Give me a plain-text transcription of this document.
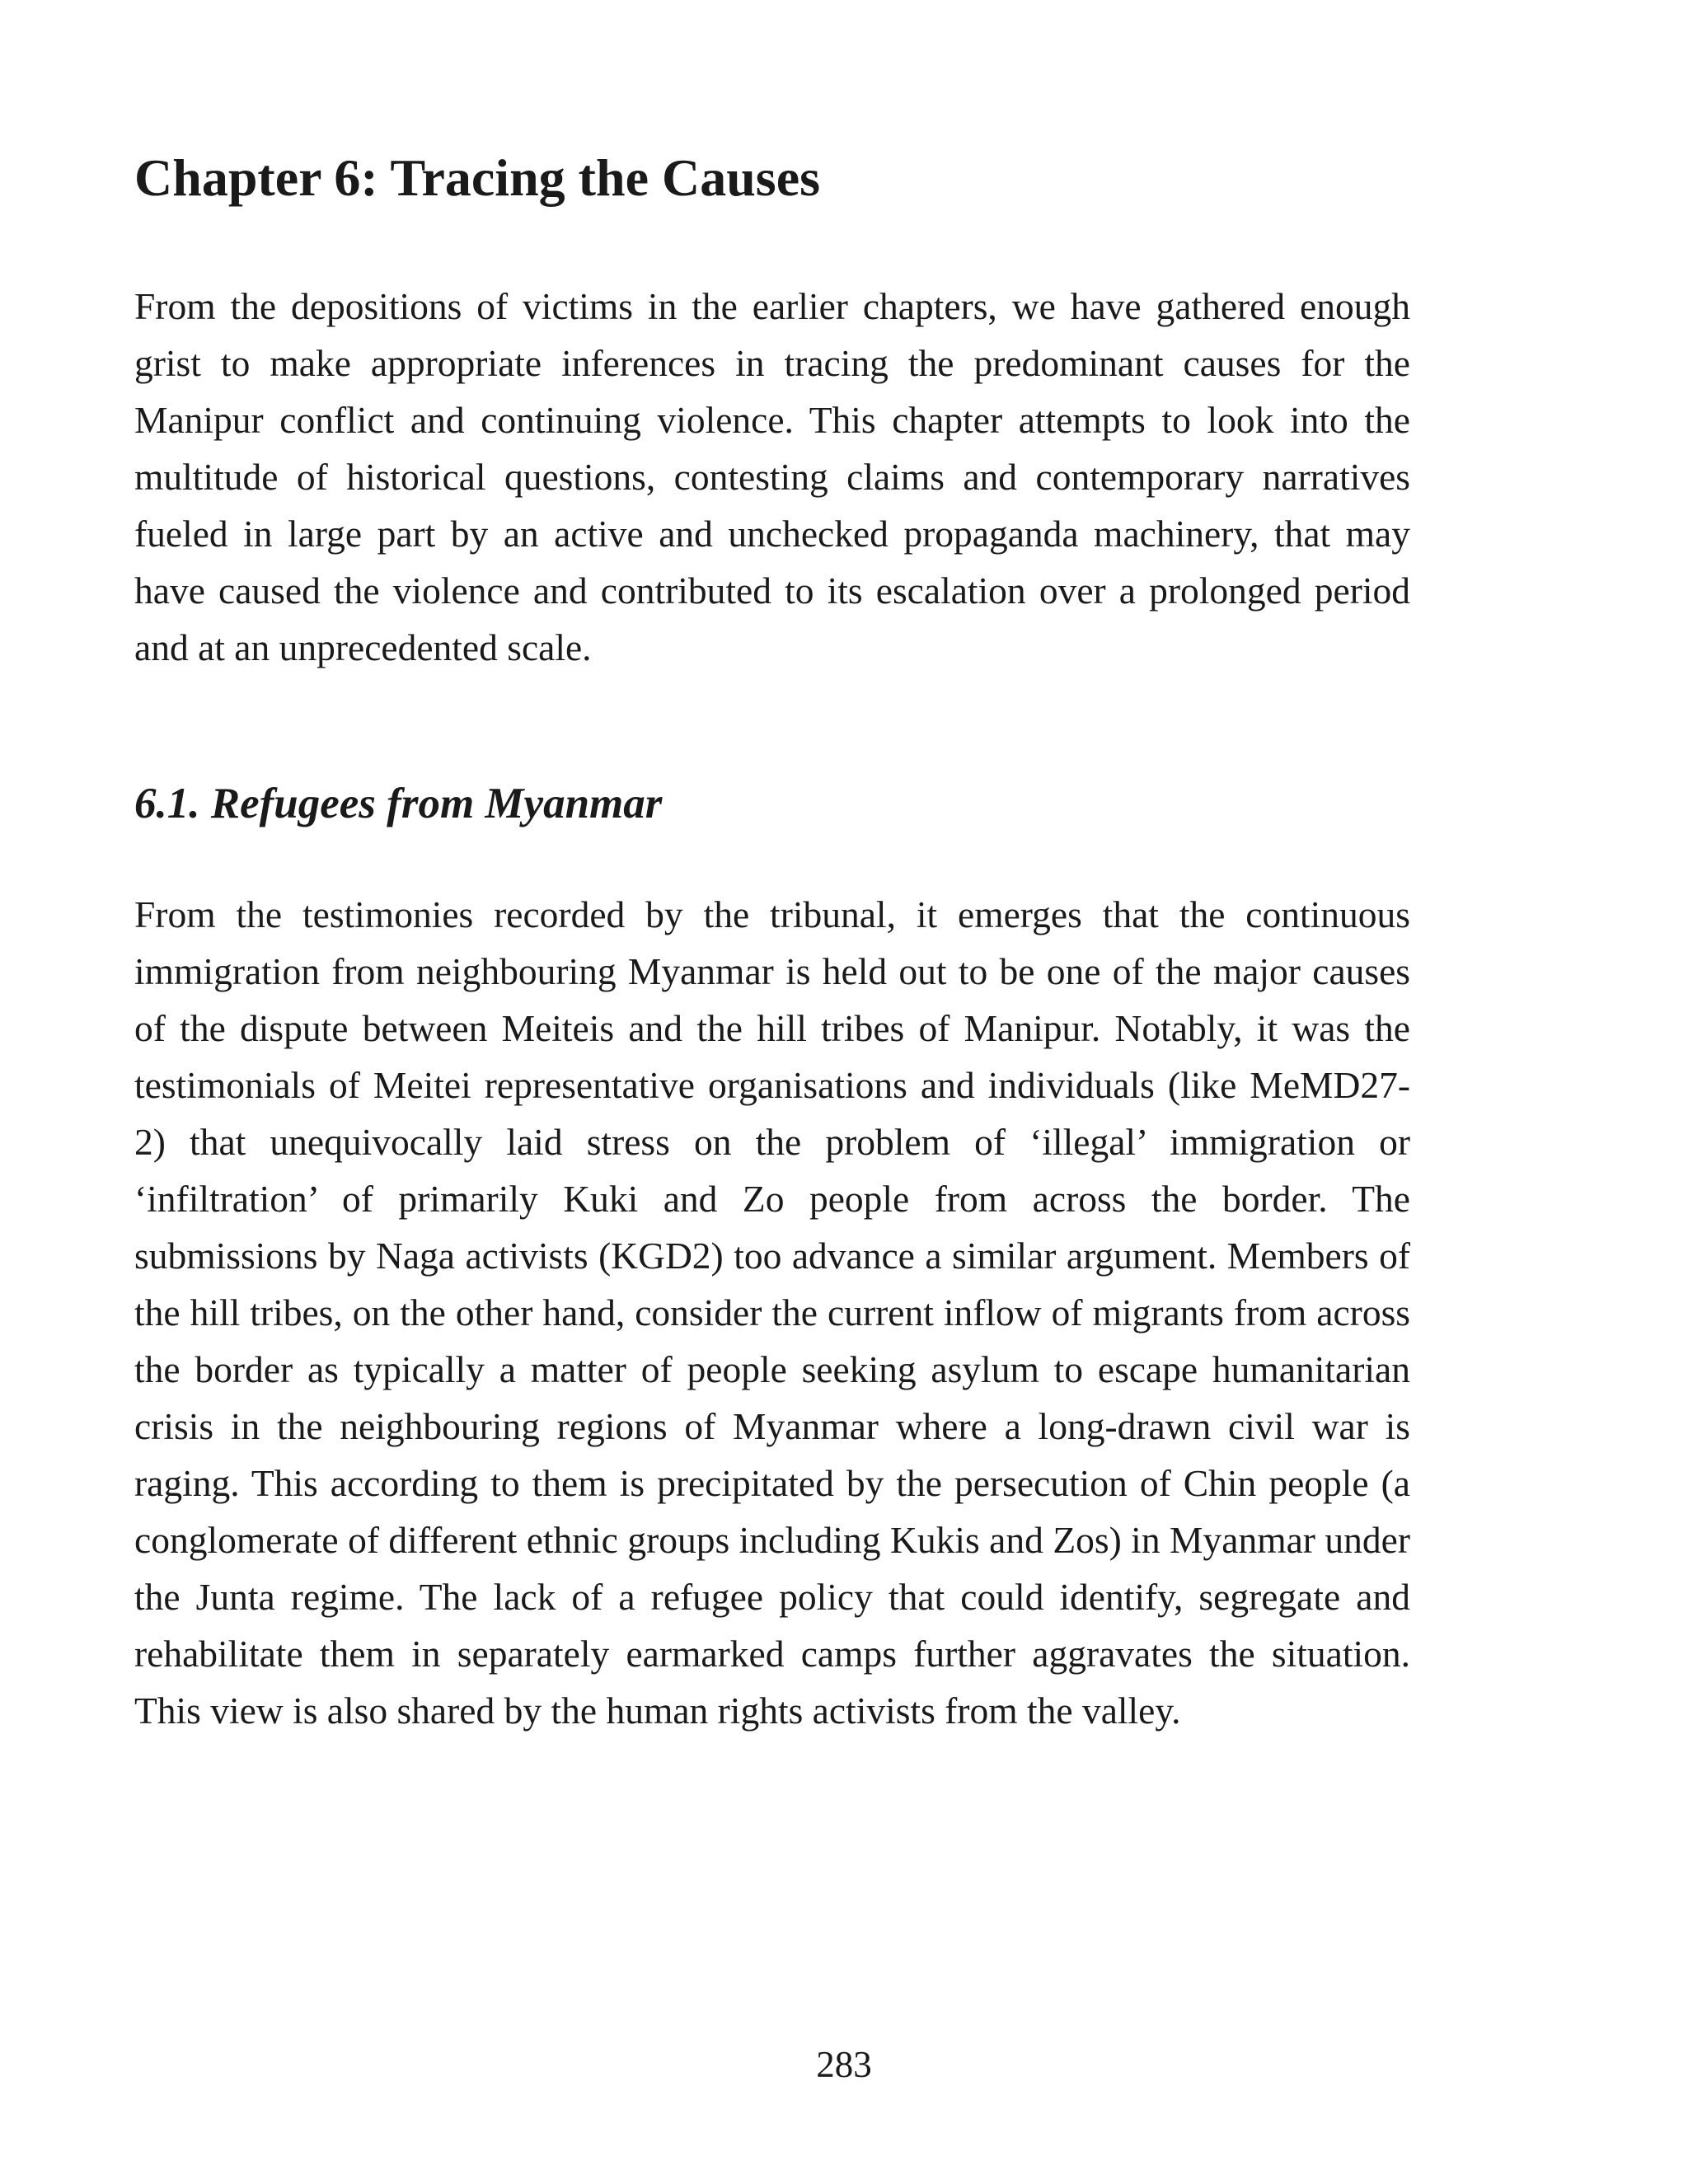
Chapter 6: Tracing the Causes

From the depositions of victims in the earlier chapters, we have gathered enough grist to make appropriate inferences in tracing the predominant causes for the Manipur conflict and continuing violence. This chapter attempts to look into the multitude of historical questions, contesting claims and contemporary narratives fueled in large part by an active and unchecked propaganda machinery, that may have caused the violence and contributed to its escalation over a prolonged period and at an unprecedented scale.

6.1. Refugees from Myanmar

From the testimonies recorded by the tribunal, it emerges that the continuous immigration from neighbouring Myanmar is held out to be one of the major causes of the dispute between Meiteis and the hill tribes of Manipur. Notably, it was the testimonials of Meitei representative organisations and individuals (like MeMD27-2) that unequivocally laid stress on the problem of ‘illegal’ immigration or ‘infiltration’ of primarily Kuki and Zo people from across the border. The submissions by Naga activists (KGD2) too advance a similar argument. Members of the hill tribes, on the other hand, consider the current inflow of migrants from across the border as typically a matter of people seeking asylum to escape humanitarian crisis in the neighbouring regions of Myanmar where a long-drawn civil war is raging. This according to them is precipitated by the persecution of Chin people (a conglomerate of different ethnic groups including Kukis and Zos) in Myanmar under the Junta regime. The lack of a refugee policy that could identify, segregate and rehabilitate them in separately earmarked camps further aggravates the situation. This view is also shared by the human rights activists from the valley.

283
